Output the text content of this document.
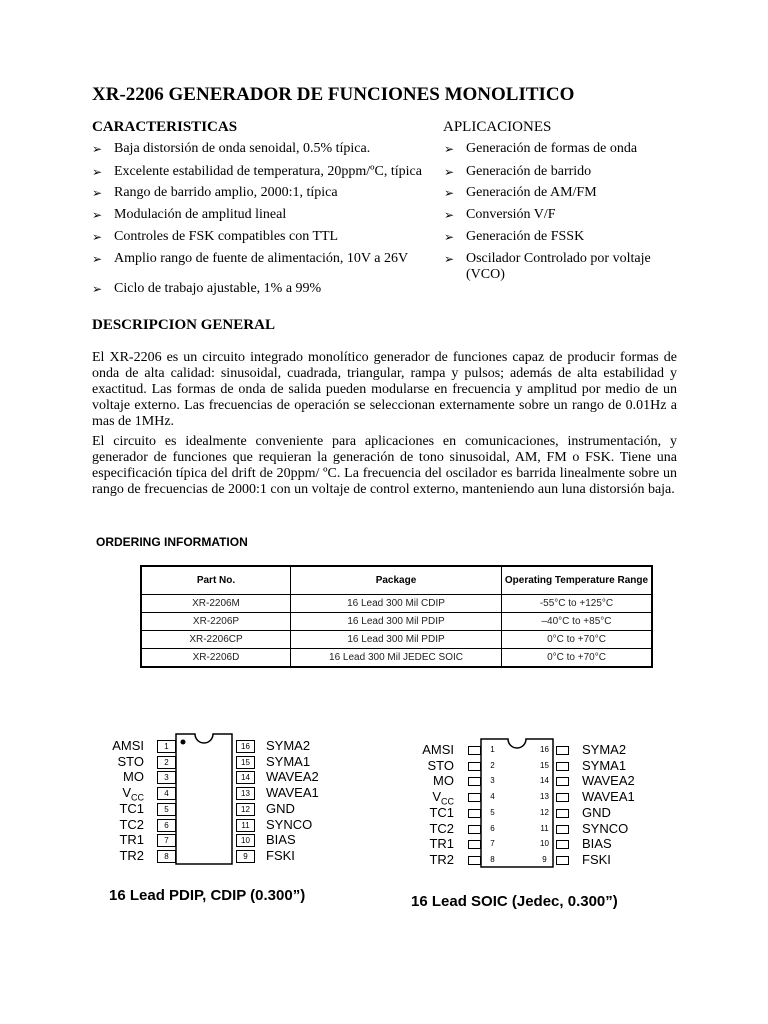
XR-2206 GENERADOR DE FUNCIONES MONOLITICO
CARACTERISTICAS	APLICACIONES
➢ Baja distorsión de onda senoidal, 0.5% típica.
➢ Excelente estabilidad de temperatura, 20ppm/ºC, típica
➢ Rango de barrido amplio, 2000:1, típica
➢ Modulación de amplitud lineal
➢ Controles de FSK compatibles con TTL
➢ Amplio rango de fuente de alimentación, 10V a 26V
➢ Ciclo de trabajo ajustable, 1% a 99%
➢ Generación de formas de onda
➢ Generación de barrido
➢ Generación de AM/FM
➢ Conversión V/F
➢ Generación de FSSK
➢ Oscilador Controlado por voltaje (VCO)
DESCRIPCION GENERAL

El XR-2206 es un circuito integrado monolítico generador de funciones capaz de producir formas de onda de alta calidad: sinusoidal, cuadrada, triangular, rampa y pulsos; además de alta estabilidad y exactitud. Las formas de onda de salida pueden modularse en frecuencia y amplitud por medio de un voltaje externo. Las frecuencias de operación se seleccionan externamente sobre un rango de 0.01Hz a mas de 1MHz.

El circuito es idealmente conveniente para aplicaciones en comunicaciones, instrumentación, y generador de funciones que requieran la generación de tono sinusoidal, AM, FM o FSK. Tiene una especificación típica del drift de 20ppm/ ºC. La frecuencia del oscilador es barrida linealmente sobre un rango de frecuencias de 2000:1 con un voltaje de control externo, manteniendo aun luna distorsión baja.

ORDERING INFORMATION
Part No.	Package	Operating Temperature Range
XR-2206M	16 Lead 300 Mil CDIP	-55°C to +125°C
XR-2206P	16 Lead 300 Mil PDIP	–40°C to +85°C
XR-2206CP	16 Lead 300 Mil PDIP	0°C to +70°C
XR-2206D	16 Lead 300 Mil JEDEC SOIC	0°C to +70°C
16 Lead PDIP, CDIP (0.300”)	16 Lead SOIC (Jedec, 0.300”)
AMSI	1	SYMA2
16
STO	2	SYMA1
15
MO	3	WAVEA2
14
$V_{CC}$	4	WAVEA1
13
TC1	5	GND
12
TC2	6	SYNCO
11
TR1	7	BIAS
10
TR2	8	FSKI
9
AMSI	1	16	SYMA2
STO	2	15	SYMA1
MO	3	14	WAVEA2
$V_{CC}$
4	13	WAVEA1
TC1	5	12	GND
TC2	6	11	SYNCO
TR1	7	10	BIAS
TR2	8	9	FSKI
